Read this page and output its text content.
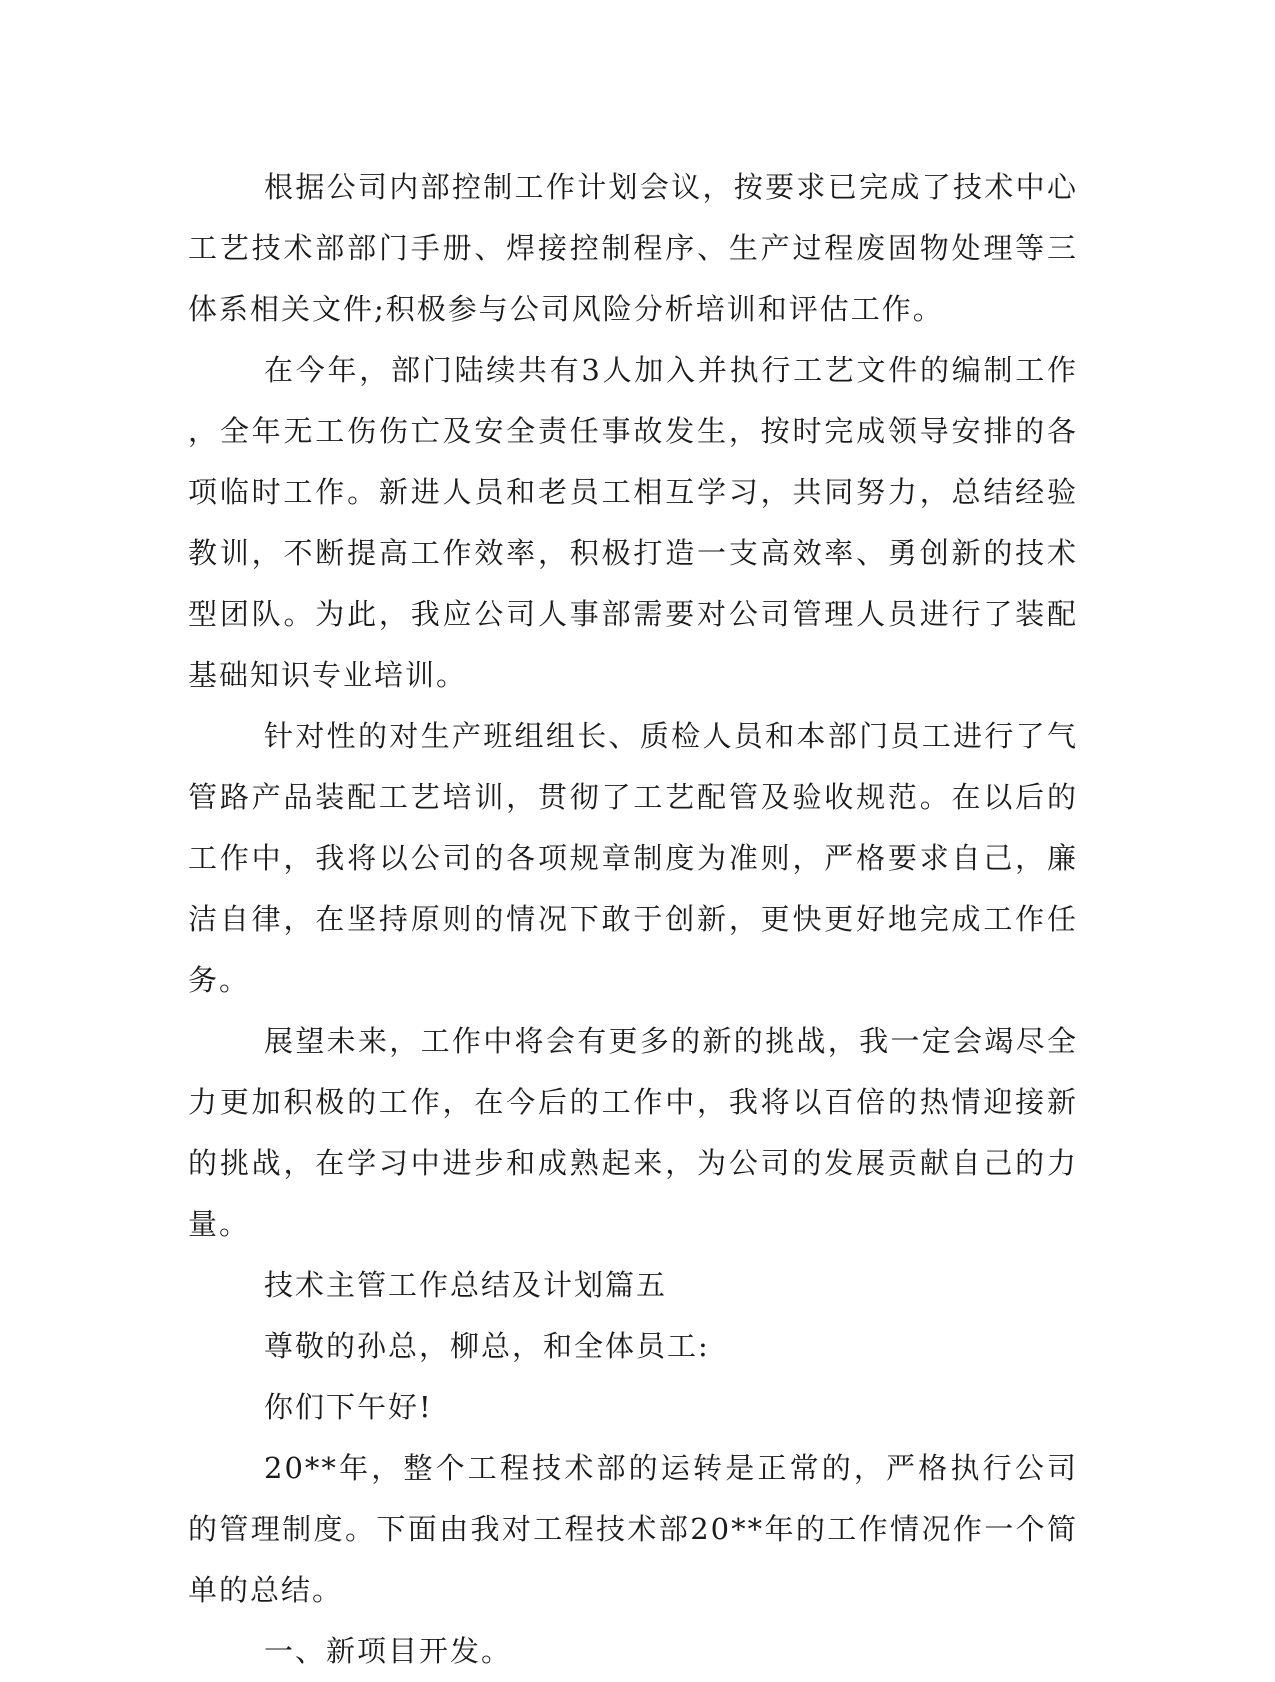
根据公司内部控制工作计划会议，按要求已完成了技术中心工艺技术部部门手册、焊接控制程序、生产过程废固物处理等三体系相关文件;积极参与公司风险分析培训和评估工作。

在今年，部门陆续共有3人加入并执行工艺文件的编制工作，全年无工伤伤亡及安全责任事故发生，按时完成领导安排的各项临时工作。新进人员和老员工相互学习，共同努力，总结经验教训，不断提高工作效率，积极打造一支高效率、勇创新的技术型团队。为此，我应公司人事部需要对公司管理人员进行了装配基础知识专业培训。

针对性的对生产班组组长、质检人员和本部门员工进行了气管路产品装配工艺培训，贯彻了工艺配管及验收规范。在以后的工作中，我将以公司的各项规章制度为准则，严格要求自己，廉洁自律，在坚持原则的情况下敢于创新，更快更好地完成工作任务。

展望未来，工作中将会有更多的新的挑战，我一定会竭尽全力更加积极的工作，在今后的工作中，我将以百倍的热情迎接新的挑战，在学习中进步和成熟起来，为公司的发展贡献自己的力量。

技术主管工作总结及计划篇五

尊敬的孙总，柳总，和全体员工:

你们下午好!

20**年，整个工程技术部的运转是正常的，严格执行公司的管理制度。下面由我对工程技术部20**年的工作情况作一个简单的总结。

一、新项目开发。
